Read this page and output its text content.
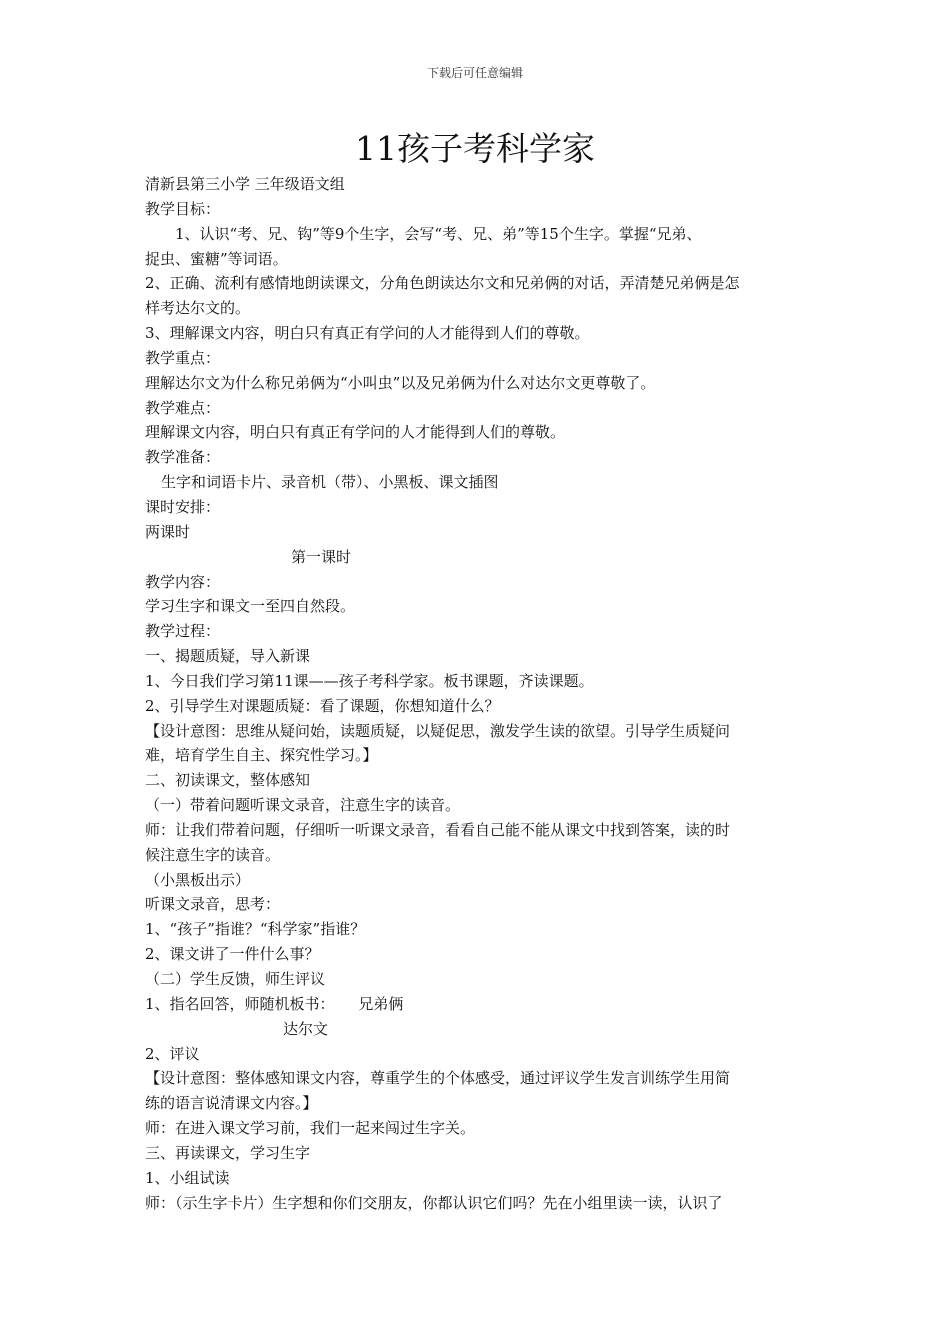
下载后可任意编辑
11孩子考科学家

清新县第三小学 三年级语文组

教学目标：

1、认识“考、兄、钩”等9个生字，会写“考、兄、弟”等15个生字。掌握“兄弟、

捉虫、蜜糖”等词语。

2、正确、流利有感情地朗读课文，分角色朗读达尔文和兄弟俩的对话，弄清楚兄弟俩是怎

样考达尔文的。

3、理解课文内容，明白只有真正有学问的人才能得到人们的尊敬。

教学重点：

理解达尔文为什么称兄弟俩为“小叫虫”以及兄弟俩为什么对达尔文更尊敬了。

教学难点：

理解课文内容，明白只有真正有学问的人才能得到人们的尊敬。

教学准备：

生字和词语卡片、录音机（带）、小黑板、课文插图

课时安排：

两课时

第一课时

教学内容：

学习生字和课文一至四自然段。

教学过程：

一、揭题质疑，导入新课

1、今日我们学习第11课——孩子考科学家。板书课题，齐读课题。

2、引导学生对课题质疑：看了课题，你想知道什么？

【设计意图：思维从疑问始，读题质疑，以疑促思，激发学生读的欲望。引导学生质疑问

难，培育学生自主、探究性学习。】

二、初读课文，整体感知

（一）带着问题听课文录音，注意生字的读音。

师：让我们带着问题，仔细听一听课文录音，看看自己能不能从课文中找到答案，读的时

候注意生字的读音。

（小黑板出示）

听课文录音，思考：

1、“孩子”指谁？“科学家”指谁？

2、课文讲了一件什么事？

（二）学生反馈，师生评议

1、指名回答，师随机板书：     兄弟俩

达尔文

2、评议

【设计意图：整体感知课文内容，尊重学生的个体感受，通过评议学生发言训练学生用简

练的语言说清课文内容。】

师：在进入课文学习前，我们一起来闯过生字关。

三、再读课文，学习生字

1、小组试读

师：（示生字卡片）生字想和你们交朋友，你都认识它们吗？先在小组里读一读，认识了
